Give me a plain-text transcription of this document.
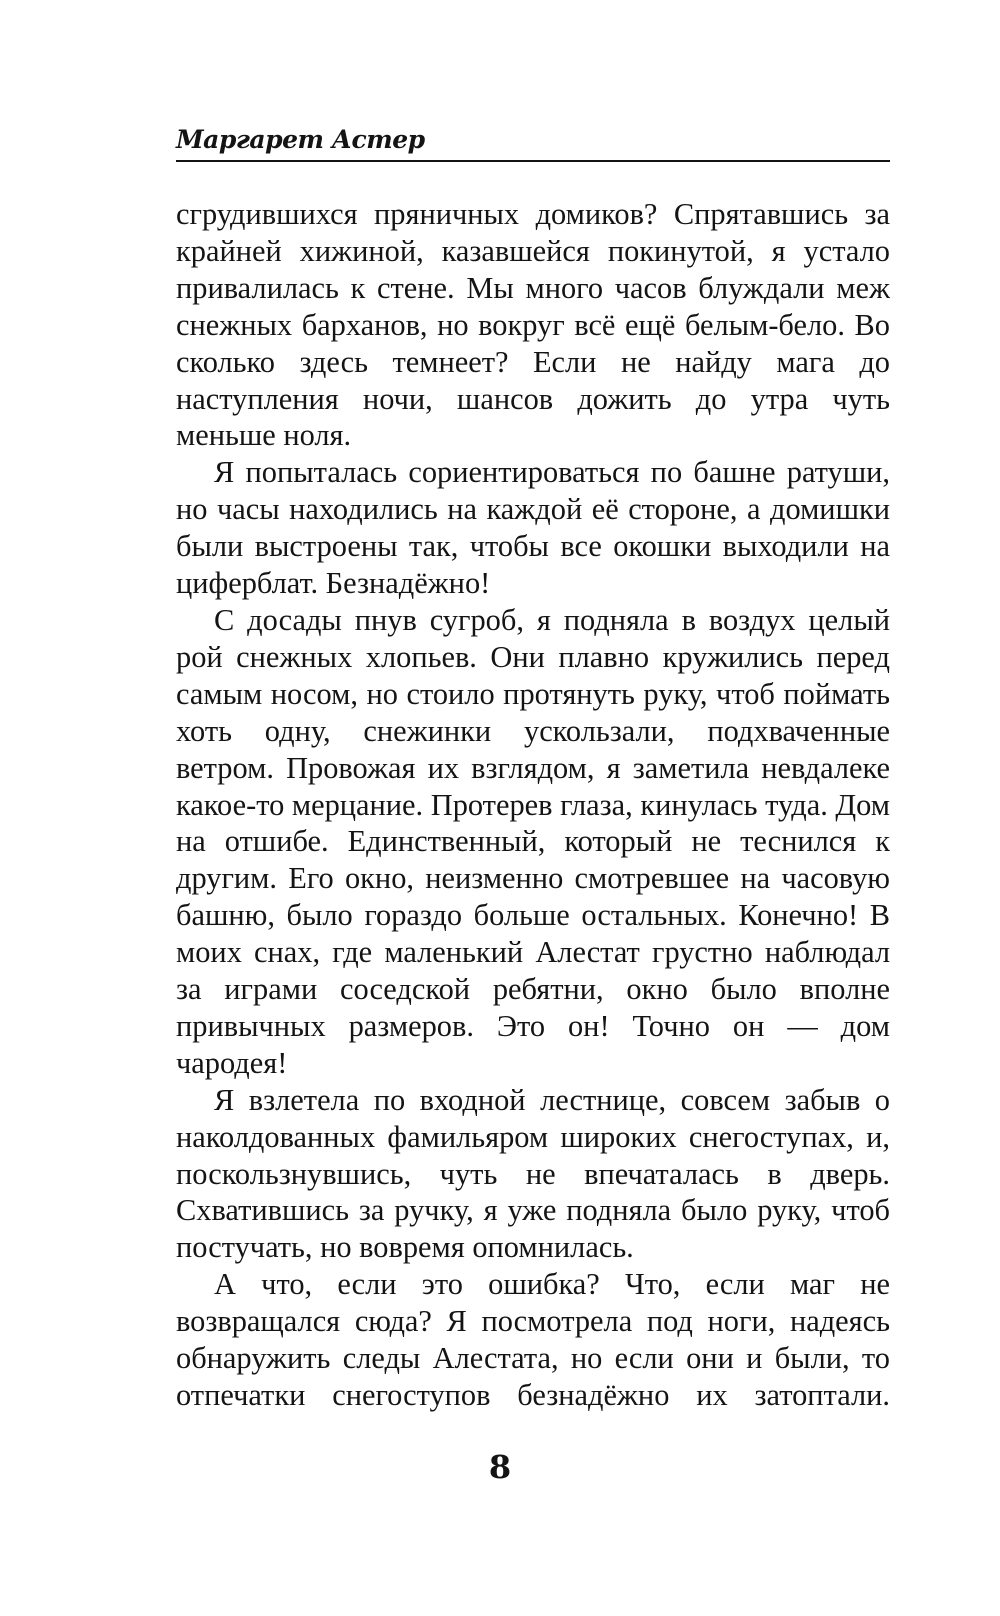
Маргарет Астер

сгрудившихся пряничных домиков? Спрятавшись за крайней хижиной, казавшейся покинутой, я устало привалилась к стене. Мы много часов блуждали меж снежных барханов, но вокруг всё ещё белым-бело. Во сколько здесь темнеет? Если не найду мага до наступления ночи, шансов дожить до утра чуть меньше ноля.

Я попыталась сориентироваться по башне ратуши, но часы находились на каждой её стороне, а домишки были выстроены так, чтобы все окошки выходили на циферблат. Безнадёжно!

С досады пнув сугроб, я подняла в воздух целый рой снежных хлопьев. Они плавно кружились перед самым носом, но стоило протянуть руку, чтоб поймать хоть одну, снежинки ускользали, подхваченные ветром. Провожая их взглядом, я заметила невдалеке какое-то мерцание. Протерев глаза, кинулась туда. Дом на отшибе. Единственный, который не теснился к другим. Его окно, неизменно смотревшее на часовую башню, было гораздо больше остальных. Конечно! В моих снах, где маленький Алестат грустно наблюдал за играми соседской ребятни, окно было вполне привычных размеров. Это он! Точно он — дом чародея!

Я взлетела по входной лестнице, совсем забыв о наколдованных фамильяром широких снегоступах, и, поскользнувшись, чуть не впечаталась в дверь. Схватившись за ручку, я уже подняла было руку, чтоб постучать, но вовремя опомнилась.

А что, если это ошибка? Что, если маг не возвращался сюда? Я посмотрела под ноги, надеясь обнаружить следы Алестата, но если они и были, то отпечатки снегоступов безнадёжно их затоптали.

8
